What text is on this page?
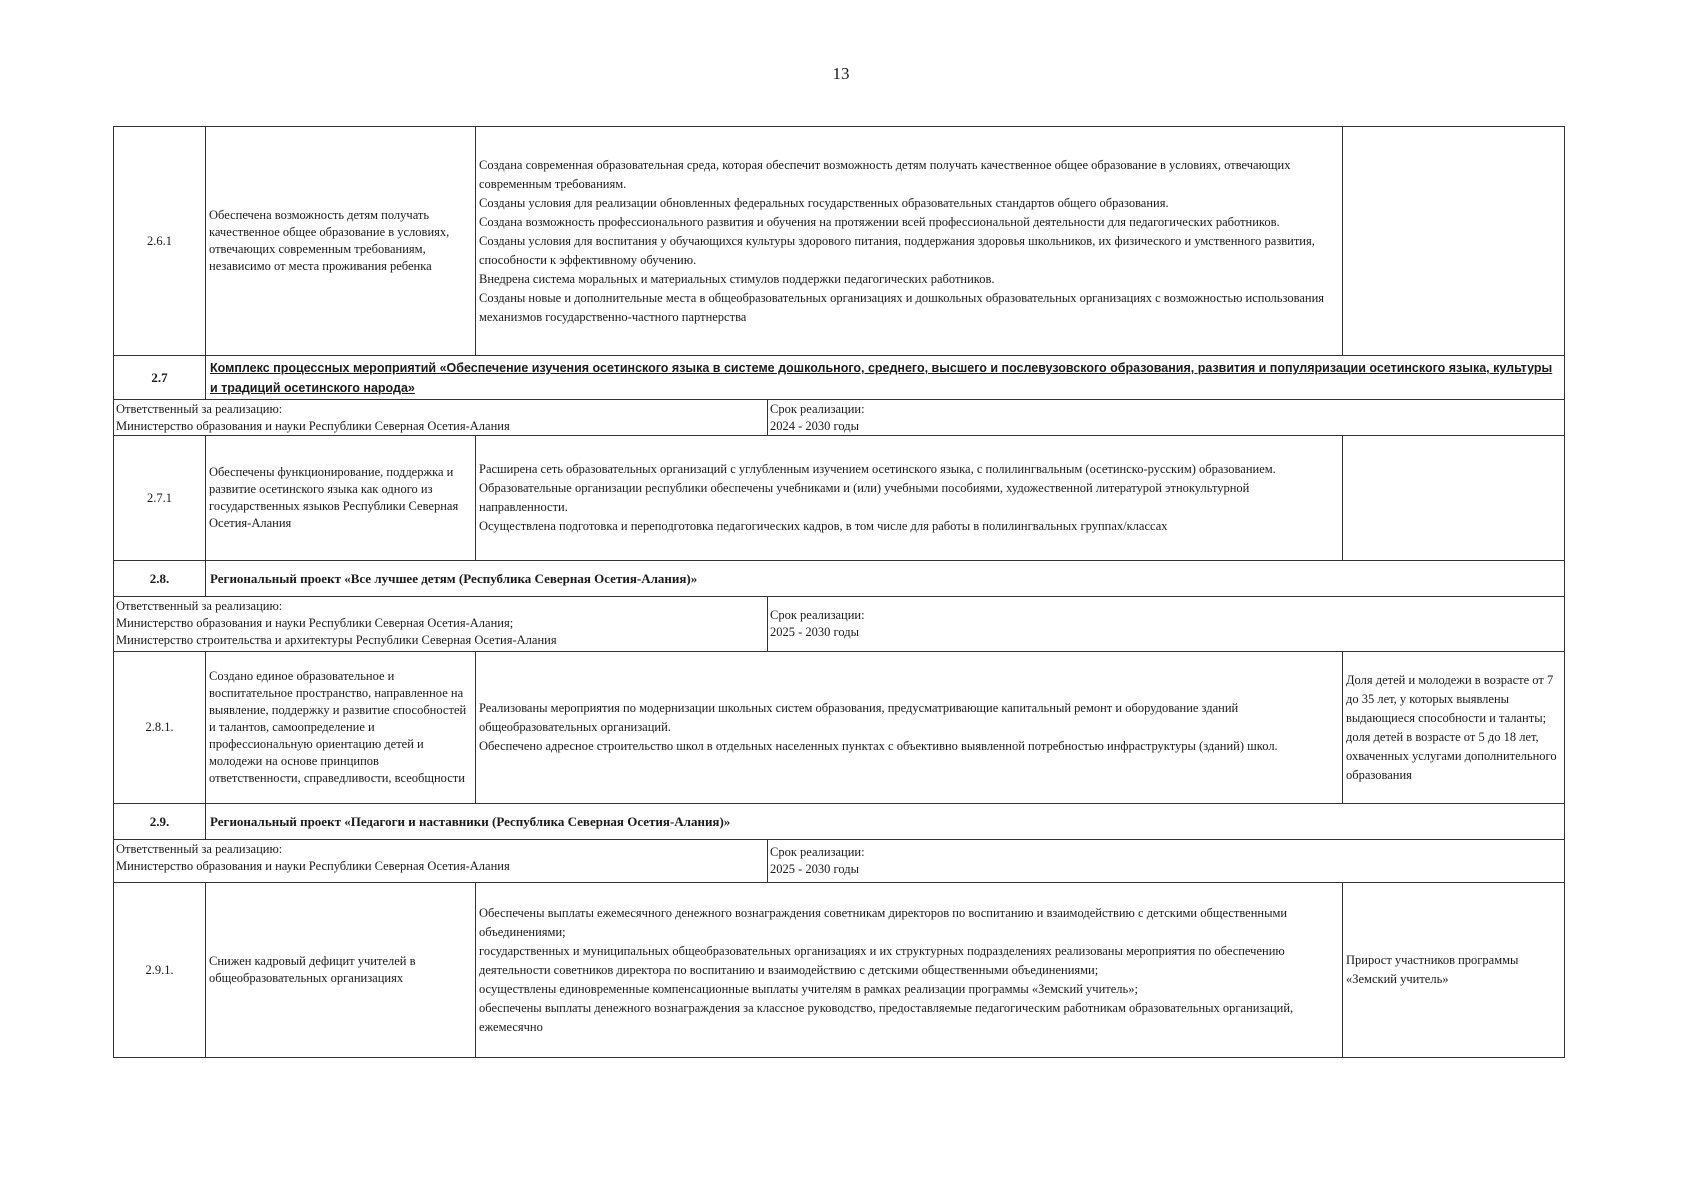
13
2.6.1
Обеспечена возможность детям получать качественное общее образование в условиях, отвечающих современным требованиям, независимо от места проживания ребенка
Создана современная образовательная среда, которая обеспечит возможность детям получать качественное общее образование в условиях, отвечающих современным требованиям.
Созданы условия для реализации обновленных федеральных государственных образовательных стандартов общего образования.
Создана возможность профессионального развития и обучения на протяжении всей профессиональной деятельности для педагогических работников.
Созданы условия для воспитания у обучающихся культуры здорового питания, поддержания здоровья школьников, их физического и умственного развития, способности к эффективному обучению.
Внедрена система моральных и материальных стимулов поддержки педагогических работников.
Созданы новые и дополнительные места в общеобразовательных организациях и дошкольных образовательных организациях с возможностью использования механизмов государственно-частного партнерства
2.7
Комплекс процессных мероприятий «Обеспечение изучения осетинского языка в системе дошкольного, среднего, высшего и послевузовского образования, развития и популяризации осетинского языка, культуры и традиций осетинского народа»
Ответственный за реализацию:
Министерство образования и науки Республики Северная Осетия-Алания
Срок реализации:
2024 - 2030 годы
2.7.1
Обеспечены функционирование, поддержка и развитие осетинского языка как одного из государственных языков Республики Северная Осетия-Алания
Расширена сеть образовательных организаций с углубленным изучением осетинского языка, с полилингвальным (осетинско-русским) образованием.
Образовательные организации республики обеспечены учебниками и (или) учебными пособиями, художественной литературой этнокультурной направленности.
Осуществлена подготовка и переподготовка педагогических кадров, в том числе для работы в полилингвальных группах/классах
2.8.	Региональный проект «Все лучшее детям (Республика Северная Осетия-Алания)»
Ответственный за реализацию:
Министерство образования и науки Республики Северная Осетия-Алания;
Министерство строительства и архитектуры Республики Северная Осетия-Алания
Срок реализации:
2025 - 2030 годы
2.8.1.
Создано единое образовательное и воспитательное пространство, направленное на выявление, поддержку и развитие способностей и талантов, самоопределение и профессиональную ориентацию детей и молодежи на основе принципов ответственности, справедливости, всеобщности
Реализованы мероприятия по модернизации школьных систем образования, предусматривающие капитальный ремонт и оборудование зданий общеобразовательных организаций.
Обеспечено адресное строительство школ в отдельных населенных пунктах с объективно выявленной потребностью инфраструктуры (зданий) школ.
Доля детей и молодежи в возрасте от 7 до 35 лет, у которых выявлены выдающиеся способности и таланты;
доля детей в возрасте от 5 до 18 лет, охваченных услугами дополнительного образования
2.9.	Региональный проект «Педагоги и наставники (Республика Северная Осетия-Алания)»
Ответственный за реализацию:
Министерство образования и науки Республики Северная Осетия-Алания
Срок реализации:
2025 - 2030 годы
2.9.1.
Снижен кадровый дефицит учителей в общеобразовательных организациях
Обеспечены выплаты ежемесячного денежного вознаграждения советникам директоров по воспитанию и взаимодействию с детскими общественными объединениями;
государственных и муниципальных общеобразовательных организациях и их структурных подразделениях реализованы мероприятия по обеспечению деятельности советников директора по воспитанию и взаимодействию с детскими общественными объединениями;
осуществлены единовременные компенсационные выплаты учителям в рамках реализации программы «Земский учитель»;
обеспечены выплаты денежного вознаграждения за классное руководство, предоставляемые педагогическим работникам образовательных организаций, ежемесячно
Прирост участников программы «Земский учитель»
